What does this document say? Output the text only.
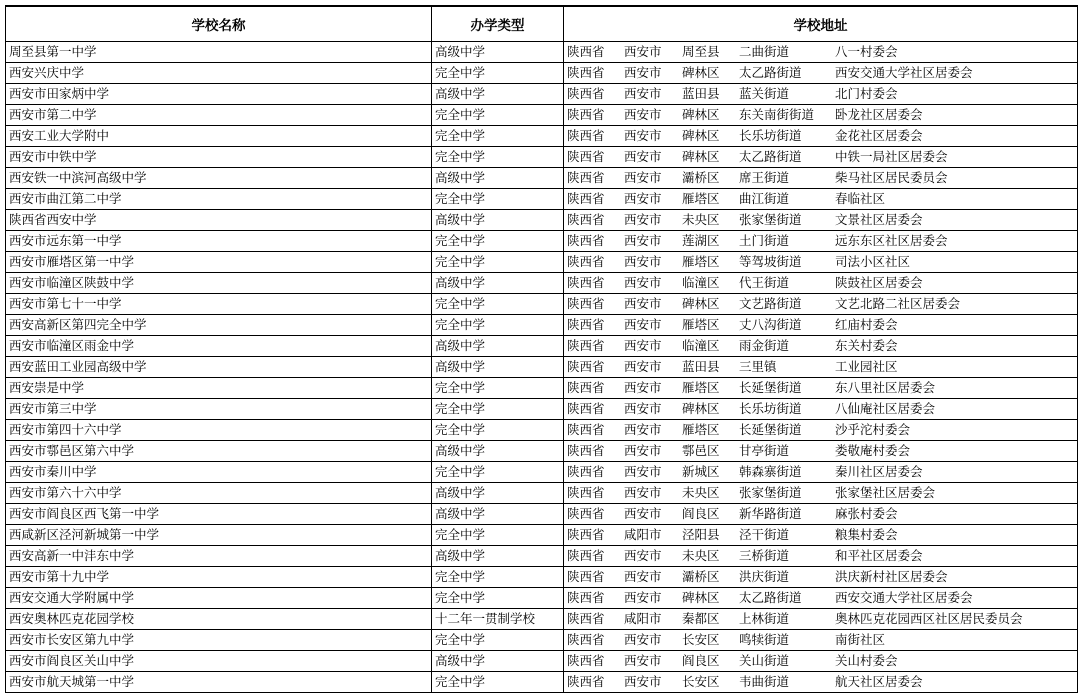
学校名称	办学类型	学校地址
周至县第一中学	高级中学	陕西省 西安市 周至县 二曲街道 八一村委会
西安兴庆中学	完全中学	陕西省 西安市 碑林区 太乙路街道 西安交通大学社区居委会
西安市田家炳中学	高级中学	陕西省 西安市 蓝田县 蓝关街道 北门村委会
西安市第二中学	完全中学	陕西省 西安市 碑林区 东关南街街道 卧龙社区居委会
西安工业大学附中	完全中学	陕西省 西安市 碑林区 长乐坊街道 金花社区居委会
西安市中铁中学	完全中学	陕西省 西安市 碑林区 太乙路街道 中铁一局社区居委会
西安铁一中滨河高级中学	高级中学	陕西省 西安市 灞桥区 席王街道 柴马社区居民委员会
西安市曲江第二中学	完全中学	陕西省 西安市 雁塔区 曲江街道 春临社区
陕西省西安中学	高级中学	陕西省 西安市 未央区 张家堡街道 文景社区居委会
西安市远东第一中学	完全中学	陕西省 西安市 莲湖区 土门街道 远东东区社区居委会
西安市雁塔区第一中学	完全中学	陕西省 西安市 雁塔区 等驾坡街道 司法小区社区
西安市临潼区陕鼓中学	高级中学	陕西省 西安市 临潼区 代王街道 陕鼓社区居委会
西安市第七十一中学	完全中学	陕西省 西安市 碑林区 文艺路街道 文艺北路二社区居委会
西安高新区第四完全中学	完全中学	陕西省 西安市 雁塔区 丈八沟街道 红庙村委会
西安市临潼区雨金中学	高级中学	陕西省 西安市 临潼区 雨金街道 东关村委会
西安蓝田工业园高级中学	高级中学	陕西省 西安市 蓝田县 三里镇 工业园社区
西安崇是中学	完全中学	陕西省 西安市 雁塔区 长延堡街道 东八里社区居委会
西安市第三中学	完全中学	陕西省 西安市 碑林区 长乐坊街道 八仙庵社区居委会
西安市第四十六中学	完全中学	陕西省 西安市 雁塔区 长延堡街道 沙乎沱村委会
西安市鄠邑区第六中学	高级中学	陕西省 西安市 鄠邑区 甘亭街道 娄敬庵村委会
西安市秦川中学	完全中学	陕西省 西安市 新城区 韩森寨街道 秦川社区居委会
西安市第六十六中学	高级中学	陕西省 西安市 未央区 张家堡街道 张家堡社区居委会
西安市阎良区西飞第一中学	高级中学	陕西省 西安市 阎良区 新华路街道 麻张村委会
西咸新区泾河新城第一中学	完全中学	陕西省 咸阳市 泾阳县 泾干街道 粮集村委会
西安高新一中沣东中学	高级中学	陕西省 西安市 未央区 三桥街道 和平社区居委会
西安市第十九中学	完全中学	陕西省 西安市 灞桥区 洪庆街道 洪庆新村社区居委会
西安交通大学附属中学	完全中学	陕西省 西安市 碑林区 太乙路街道 西安交通大学社区居委会
西安奥林匹克花园学校	十二年一贯制学校	陕西省 咸阳市 秦都区 上林街道 奥林匹克花园西区社区居民委员会
西安市长安区第九中学	完全中学	陕西省 西安市 长安区 鸣犊街道 南街社区
西安市阎良区关山中学	高级中学	陕西省 西安市 阎良区 关山街道 关山村委会
西安市航天城第一中学	完全中学	陕西省 西安市 长安区 韦曲街道 航天社区居委会
